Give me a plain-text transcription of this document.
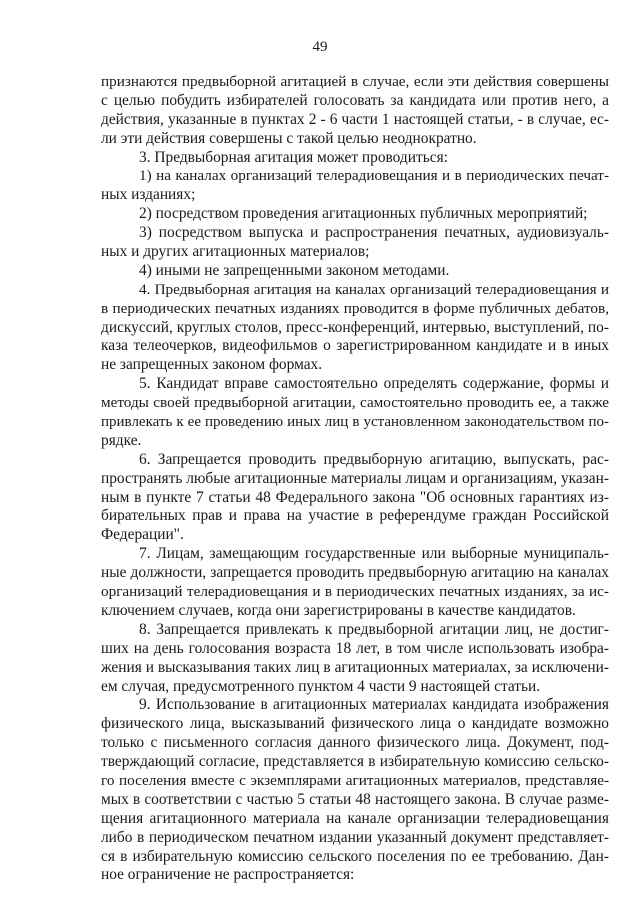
49
признаются предвыборной агитацией в случае, если эти действия совершены
с целью побудить избирателей голосовать за кандидата или против него, а
действия, указанные в пунктах 2 - 6 части 1 настоящей статьи, - в случае, ес-
ли эти действия совершены с такой целью неоднократно.
3. Предвыборная агитация может проводиться:
1) на каналах организаций телерадиовещания и в периодических печат-
ных изданиях;
2) посредством проведения агитационных публичных мероприятий;
3) посредством выпуска и распространения печатных, аудиовизуаль-
ных и других агитационных материалов;
4) иными не запрещенными законом методами.
4. Предвыборная агитация на каналах организаций телерадиовещания и
в периодических печатных изданиях проводится в форме публичных дебатов,
дискуссий, круглых столов, пресс-конференций, интервью, выступлений, по-
каза телеочерков, видеофильмов о зарегистрированном кандидате и в иных
не запрещенных законом формах.
5. Кандидат вправе самостоятельно определять содержание, формы и
методы своей предвыборной агитации, самостоятельно проводить ее, а также
привлекать к ее проведению иных лиц в установленном законодательством по-
рядке.
6. Запрещается проводить предвыборную агитацию, выпускать, рас-
пространять любые агитационные материалы лицам и организациям, указан-
ным в пункте 7 статьи 48 Федерального закона "Об основных гарантиях из-
бирательных прав и права на участие в референдуме граждан Российской
Федерации".
7. Лицам, замещающим государственные или выборные муниципаль-
ные должности, запрещается проводить предвыборную агитацию на каналах
организаций телерадиовещания и в периодических печатных изданиях, за ис-
ключением случаев, когда они зарегистрированы в качестве кандидатов.
8. Запрещается привлекать к предвыборной агитации лиц, не достиг-
ших на день голосования возраста 18 лет, в том числе использовать изобра-
жения и высказывания таких лиц в агитационных материалах, за исключени-
ем случая, предусмотренного пунктом 4 части 9 настоящей статьи.
9. Использование в агитационных материалах кандидата изображения
физического лица, высказываний физического лица о кандидате возможно
только с письменного согласия данного физического лица. Документ, под-
тверждающий согласие, представляется в избирательную комиссию сельско-
го поселения вместе с экземплярами агитационных материалов, представляе-
мых в соответствии с частью 5 статьи 48 настоящего закона. В случае разме-
щения агитационного материала на канале организации телерадиовещания
либо в периодическом печатном издании указанный документ представляет-
ся в избирательную комиссию сельского поселения по ее требованию. Дан-
ное ограничение не распространяется:
